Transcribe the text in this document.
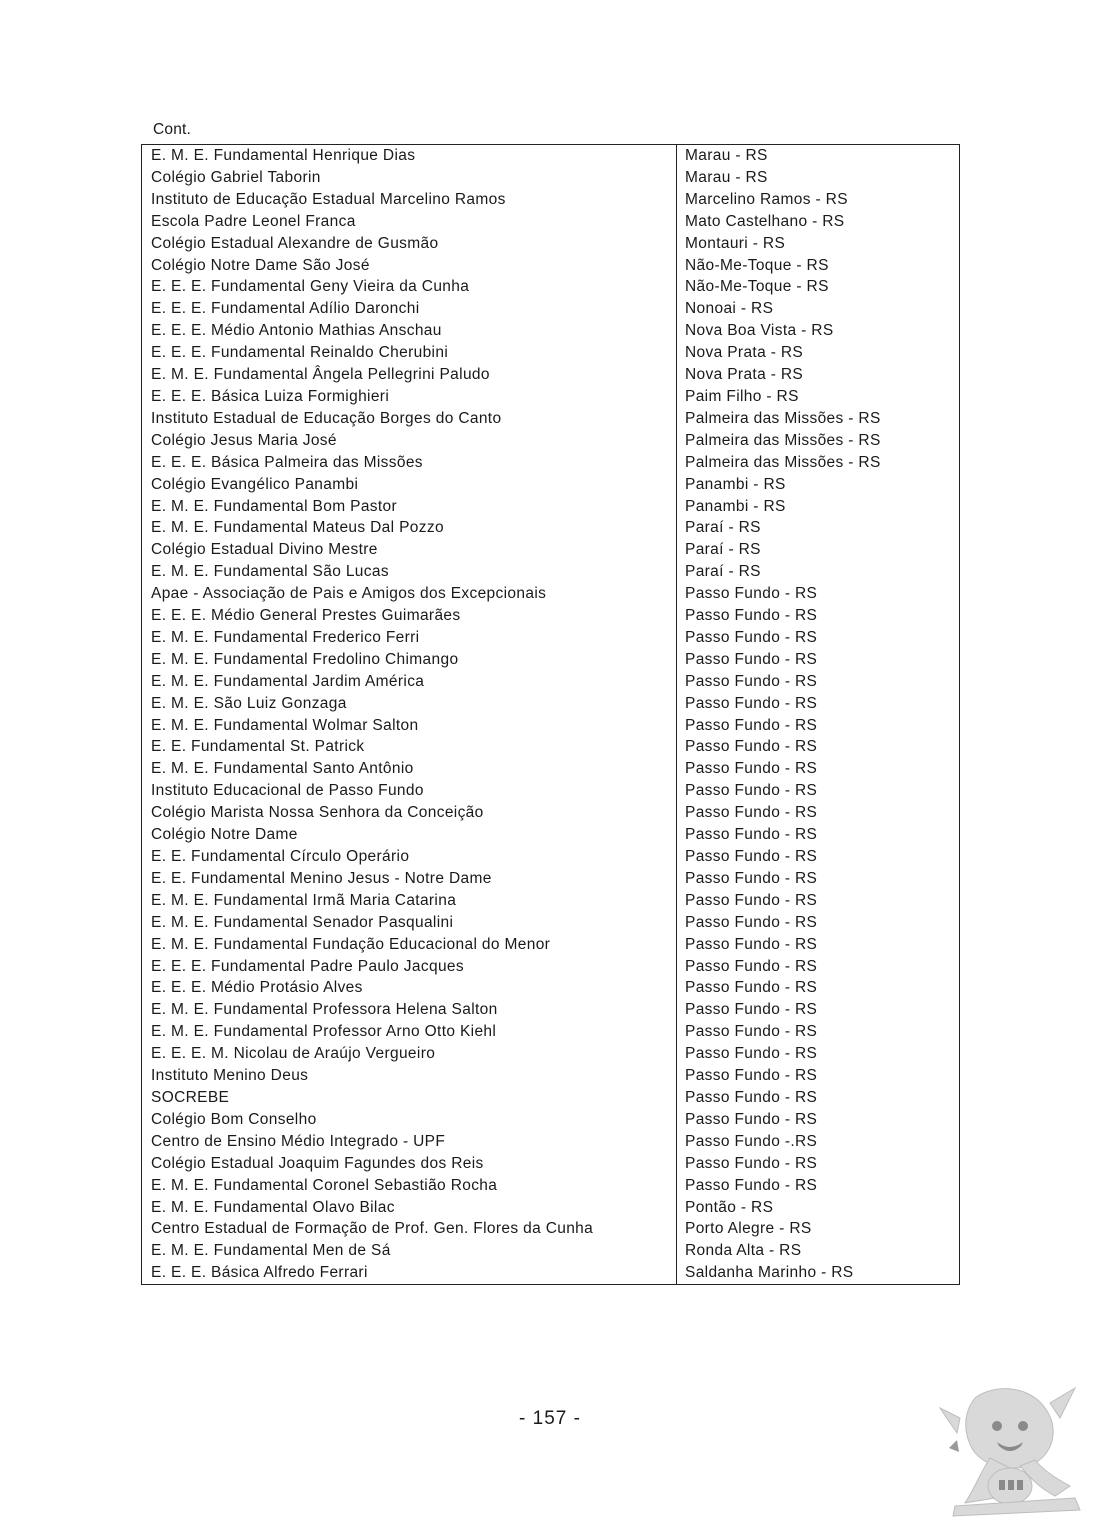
Cont.
E. M. E. Fundamental Henrique Dias	Marau - RS
Colégio Gabriel Taborin	Marau - RS
Instituto de Educação Estadual Marcelino Ramos	Marcelino Ramos - RS
Escola Padre Leonel Franca	Mato Castelhano - RS
Colégio Estadual Alexandre de Gusmão	Montauri - RS
Colégio Notre Dame São José	Não-Me-Toque - RS
E. E. E. Fundamental Geny Vieira da Cunha	Não-Me-Toque - RS
E. E. E. Fundamental Adílio Daronchi	Nonoai - RS
E. E. E. Médio Antonio Mathias Anschau	Nova Boa Vista - RS
E. E. E. Fundamental Reinaldo Cherubini	Nova Prata - RS
E. M. E. Fundamental Ângela Pellegrini Paludo	Nova Prata - RS
E. E. E. Básica Luiza Formighieri	Paim Filho - RS
Instituto Estadual de Educação Borges do Canto	Palmeira das Missões - RS
Colégio Jesus Maria José	Palmeira das Missões - RS
E. E. E. Básica Palmeira das Missões	Palmeira das Missões - RS
Colégio Evangélico Panambi	Panambi - RS
E. M. E. Fundamental Bom Pastor	Panambi - RS
E. M. E. Fundamental Mateus Dal Pozzo	Paraí - RS
Colégio Estadual Divino Mestre	Paraí - RS
E. M. E. Fundamental São Lucas	Paraí - RS
Apae - Associação de Pais e Amigos dos Excepcionais	Passo Fundo - RS
E. E. E. Médio General Prestes Guimarães	Passo Fundo - RS
E. M. E. Fundamental Frederico Ferri	Passo Fundo - RS
E. M. E. Fundamental Fredolino Chimango	Passo Fundo - RS
E. M. E. Fundamental Jardim América	Passo Fundo - RS
E. M. E. São Luiz Gonzaga	Passo Fundo - RS
E. M. E. Fundamental Wolmar Salton	Passo Fundo - RS
E. E. Fundamental St. Patrick	Passo Fundo - RS
E. M. E. Fundamental Santo Antônio	Passo Fundo - RS
Instituto Educacional de Passo Fundo	Passo Fundo - RS
Colégio Marista Nossa Senhora da Conceição	Passo Fundo - RS
Colégio Notre Dame	Passo Fundo - RS
E. E. Fundamental Círculo Operário	Passo Fundo - RS
E. E. Fundamental Menino Jesus - Notre Dame	Passo Fundo - RS
E. M. E. Fundamental Irmã Maria Catarina	Passo Fundo - RS
E. M. E. Fundamental Senador Pasqualini	Passo Fundo - RS
E. M. E. Fundamental Fundação Educacional do Menor	Passo Fundo - RS
E. E. E. Fundamental Padre Paulo Jacques	Passo Fundo - RS
E. E. E. Médio Protásio Alves	Passo Fundo - RS
E. M. E. Fundamental Professora Helena Salton	Passo Fundo - RS
E. M. E. Fundamental Professor Arno Otto Kiehl	Passo Fundo - RS
E. E. E. M. Nicolau de Araújo Vergueiro	Passo Fundo - RS
Instituto Menino Deus	Passo Fundo - RS
SOCREBE	Passo Fundo - RS
Colégio Bom Conselho	Passo Fundo - RS
Centro de Ensino Médio Integrado - UPF	Passo Fundo -.RS
Colégio Estadual Joaquim Fagundes dos Reis	Passo Fundo - RS
E. M. E. Fundamental Coronel Sebastião Rocha	Passo Fundo - RS
E. M. E. Fundamental Olavo Bilac	Pontão - RS
Centro Estadual de Formação de Prof. Gen. Flores da Cunha	Porto Alegre - RS
E. M. E. Fundamental Men de Sá	Ronda Alta - RS
E. E. E. Básica Alfredo Ferrari	Saldanha Marinho - RS
- 157 -
